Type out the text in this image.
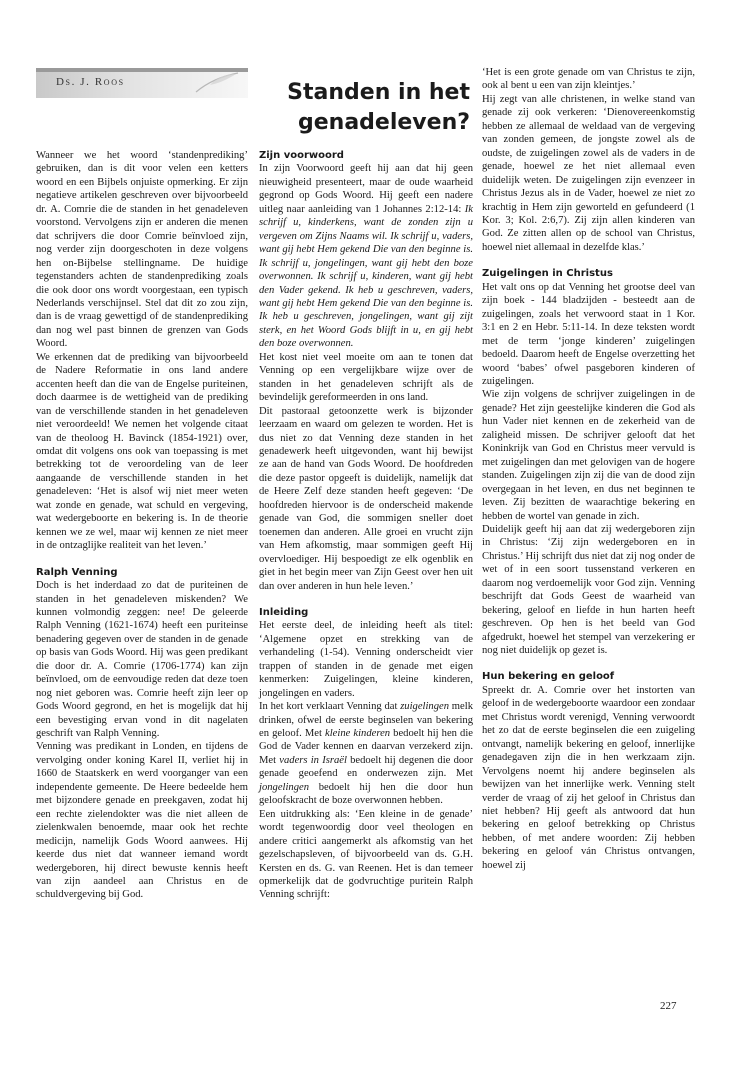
Ds. J. Roos	Standen in het
genadeleven?

Wanneer we het woord ‘standenprediking’ gebruiken, dan is dit voor velen een ketters woord en een Bijbels onjuiste opmerking. Er zijn negatieve artikelen geschreven over bijvoorbeeld dr. A. Comrie die de standen in het genadeleven voorstond. Vervolgens zijn er anderen die menen dat schrijvers die door Comrie beïnvloed zijn, nog verder zijn doorgeschoten in deze volgens hen on-Bijbelse stellingname. De huidige tegenstanders achten de standenprediking zoals die ook door ons wordt voorgestaan, een typisch Nederlands verschijnsel. Stel dat dit zo zou zijn, dan is de vraag gewettigd of de standenprediking dan nog wel past binnen de grenzen van Gods Woord.

We erkennen dat de prediking van bijvoorbeeld de Nadere Reformatie in ons land andere accenten heeft dan die van de Engelse puriteinen, doch daarmee is de wettigheid van de prediking van de verschillende standen in het genadeleven niet veroordeeld! We nemen het volgende citaat van de theoloog H. Bavinck (1854-1921) over, omdat dit volgens ons ook van toepassing is met betrekking tot de veroordeling van de leer aangaande de verschillende standen in het genadeleven: ‘Het is alsof wij niet meer weten wat zonde en genade, wat schuld en vergeving, wat wedergeboorte en bekering is. In de theorie kennen we ze wel, maar wij kennen ze niet meer in de ontzaglijke realiteit van het leven.’

Ralph Venning

Doch is het inderdaad zo dat de puriteinen de standen in het genadeleven miskenden? We kunnen volmondig zeggen: nee! De geleerde Ralph Venning (1621-1674) heeft een puriteinse benadering gegeven over de standen in de genade op basis van Gods Woord. Hij was geen predikant die door dr. A. Comrie (1706-1774) kan zijn beïnvloed, om de eenvoudige reden dat deze toen nog niet geboren was. Comrie heeft zijn leer op Gods Woord gegrond, en het is mogelijk dat hij een bevestiging ervan vond in dit nagelaten geschrift van Ralph Venning.

Venning was predikant in Londen, en tijdens de vervolging onder koning Karel II, verliet hij in 1660 de Staatskerk en werd voorganger van een independente gemeente. De Heere bedeelde hem met bijzondere genade en preekgaven, zodat hij een rechte zielendokter was die niet alleen de zielenkwalen benoemde, maar ook het rechte medicijn, namelijk Gods Woord aanwees. Hij keerde dus niet dat wanneer iemand wordt wedergeboren, hij direct bewuste kennis heeft van zijn aandeel aan Christus en de schuldvergeving bij God.

Zijn voorwoord

In zijn Voorwoord geeft hij aan dat hij geen nieuwigheid presenteert, maar de oude waarheid gegrond op Gods Woord. Hij geeft een nadere uitleg naar aanleiding van 1 Johannes 2:12-14: Ik schrijf u, kinderkens, want de zonden zijn u vergeven om Zijns Naams wil. Ik schrijf u, vaders, want gij hebt Hem gekend Die van den beginne is. Ik schrijf u, jongelingen, want gij hebt den boze overwonnen. Ik schrijf u, kinderen, want gij hebt den Vader gekend. Ik heb u geschreven, vaders, want gij hebt Hem gekend Die van den beginne is. Ik heb u geschreven, jongelingen, want gij zijt sterk, en het Woord Gods blijft in u, en gij hebt den boze overwonnen.

Het kost niet veel moeite om aan te tonen dat Venning op een vergelijkbare wijze over de standen in het genadeleven schrijft als de bevindelijk gereformeerden in ons land.

Dit pastoraal getoonzette werk is bijzonder leerzaam en waard om gelezen te worden. Het is dus niet zo dat Venning deze standen in het genadewerk heeft uitgevonden, want hij bewijst ze aan de hand van Gods Woord. De hoofdreden die deze pastor opgeeft is duidelijk, namelijk dat de Heere Zelf deze standen heeft gegeven: ‘De hoofdreden hiervoor is de onderscheid makende genade van God, die sommigen sneller doet toenemen dan anderen. Alle groei en vrucht zijn van Hem afkomstig, maar sommigen geeft Hij overvloediger. Hij bespoedigt ze elk ogenblik en giet in het begin meer van Zijn Geest over hen uit dan over anderen in hun hele leven.’

Inleiding

Het eerste deel, de inleiding heeft als titel: ‘Algemene opzet en strekking van de verhandeling (1-54). Venning onderscheidt vier trappen of standen in de genade met eigen kenmerken: Zuigelingen, kleine kinderen, jongelingen en vaders.

In het kort verklaart Venning dat zuigelingen melk drinken, ofwel de eerste beginselen van bekering en geloof. Met kleine kinderen bedoelt hij hen die God de Vader kennen en daarvan verzekerd zijn. Met vaders in Israël bedoelt hij degenen die door genade geoefend en onderwezen zijn. Met jongelingen bedoelt hij hen die door hun geloofskracht de boze overwonnen hebben.

Een uitdrukking als: ‘Een kleine in de genade’ wordt tegenwoordig door veel theologen en andere critici aangemerkt als afkomstig van het gezelschapsleven, of bijvoorbeeld van ds. G.H. Kersten en ds. G. van Reenen. Het is dan temeer opmerkelijk dat de godvruchtige puritein Ralph Venning schrijft:

‘Het is een grote genade om van Christus te zijn, ook al bent u een van zijn kleintjes.’

Hij zegt van alle christenen, in welke stand van genade zij ook verkeren: ‘Dienovereenkomstig hebben ze allemaal de weldaad van de vergeving van zonden gemeen, de jongste zowel als de oudste, de zuigelingen zowel als de vaders in de genade, hoewel ze het niet allemaal even duidelijk weten. De zuigelingen zijn evenzeer in Christus Jezus als in de Vader, hoewel ze niet zo krachtig in Hem zijn geworteld en gefundeerd (1 Kor. 3; Kol. 2:6,7). Zij zijn allen kinderen van God. Ze zitten allen op de school van Christus, hoewel niet allemaal in dezelfde klas.’

Zuigelingen in Christus

Het valt ons op dat Venning het grootse deel van zijn boek - 144 bladzijden - besteedt aan de zuigelingen, zoals het verwoord staat in 1 Kor. 3:1 en 2 en Hebr. 5:11-14. In deze teksten wordt met de term ‘jonge kinderen’ zuigelingen bedoeld. Daarom heeft de Engelse overzetting het woord ‘babes’ ofwel pasgeboren kinderen of zuigelingen.

Wie zijn volgens de schrijver zuigelingen in de genade? Het zijn geestelijke kinderen die God als hun Vader niet kennen en de zekerheid van de zaligheid missen. De schrijver gelooft dat het Koninkrijk van God en Christus meer vervuld is met zuigelingen dan met gelovigen van de hogere standen. Zuigelingen zijn zij die van de dood zijn overgegaan in het leven, en dus net beginnen te leven. Zij bezitten de waarachtige bekering en hebben de wortel van genade in zich.

Duidelijk geeft hij aan dat zij wedergeboren zijn in Christus: ‘Zij zijn wedergeboren en in Christus.’ Hij schrijft dus niet dat zij nog onder de wet of in een soort tussenstand verkeren en daarom nog verdoemelijk voor God zijn. Venning beschrijft dat Gods Geest de waarheid van bekering, geloof en liefde in hun harten heeft geschreven. Op hen is het beeld van God afgedrukt, hoewel het stempel van verzekering er nog niet duidelijk op gezet is.

Hun bekering en geloof

Spreekt dr. A. Comrie over het instorten van geloof in de wedergeboorte waardoor een zondaar met Christus wordt verenigd, Venning verwoordt het zo dat de eerste beginselen die een zuigeling ontvangt, namelijk bekering en geloof, innerlijke genadegaven zijn die in hen werkzaam zijn. Vervolgens noemt hij andere beginselen als bewijzen van het innerlijke werk. Venning stelt verder de vraag of zij het geloof in Christus dan niet hebben? Hij geeft als antwoord dat hun bekering en geloof betrekking op Christus hebben, of met andere woorden: Zij hebben bekering en geloof ván Christus ontvangen, hoewel zij

227
